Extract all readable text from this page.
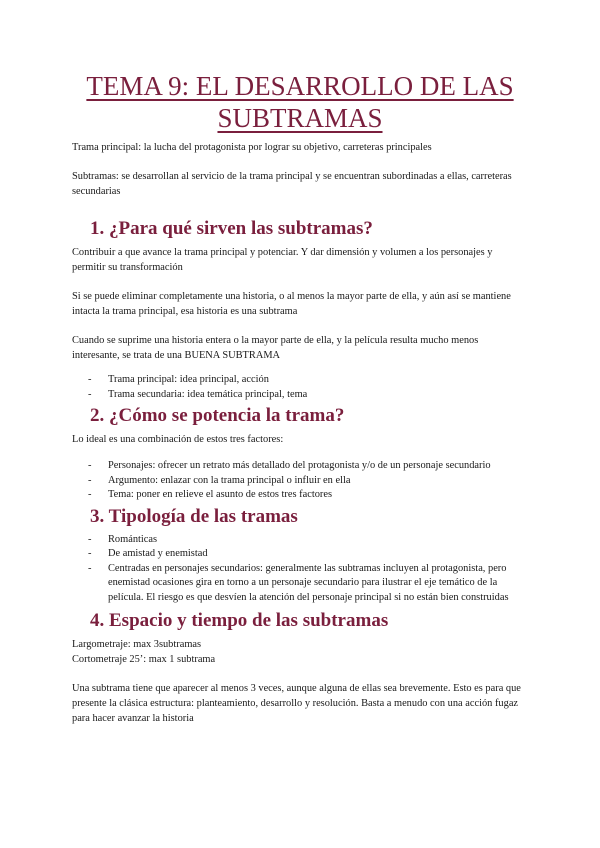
TEMA 9: EL DESARROLLO DE LAS
SUBTRAMAS

Trama principal: la lucha del protagonista por lograr su objetivo, carreteras principales

Subtramas: se desarrollan al servicio de la trama principal y se encuentran subordinadas a ellas, carreteras secundarias

1. ¿Para qué sirven las subtramas?

Contribuir a que avance la trama principal y potenciar. Y dar dimensión y volumen a los personajes y permitir su transformación

Si se puede eliminar completamente una historia, o al menos la mayor parte de ella, y aún así se mantiene intacta la trama principal, esa historia es una subtrama

Cuando se suprime una historia entera o la mayor parte de ella, y la película resulta mucho menos interesante, se trata de una BUENA SUBTRAMA

- Trama principal: idea principal, acción
- Trama secundaria: idea temática principal, tema
2. ¿Cómo se potencia la trama?

Lo ideal es una combinación de estos tres factores:

- Personajes: ofrecer un retrato más detallado del protagonista y/o de un personaje secundario
- Argumento: enlazar con la trama principal o influir en ella
- Tema: poner en relieve el asunto de estos tres factores
3. Tipología de las tramas
- Románticas
- De amistad y enemistad
- Centradas en personajes secundarios: generalmente las subtramas incluyen al protagonista, pero enemistad ocasiones gira en torno a un personaje secundario para ilustrar el eje temático de la película. El riesgo es que desvíen la atención del personaje principal si no están bien construidas
4. Espacio y tiempo de las subtramas

Largometraje: max 3subtramas

Cortometraje 25’: max 1 subtrama

Una subtrama tiene que aparecer al menos 3 veces, aunque alguna de ellas sea brevemente. Esto es para que presente la clásica estructura: planteamiento, desarrollo y resolución. Basta a menudo con una acción fugaz para hacer avanzar la historia
